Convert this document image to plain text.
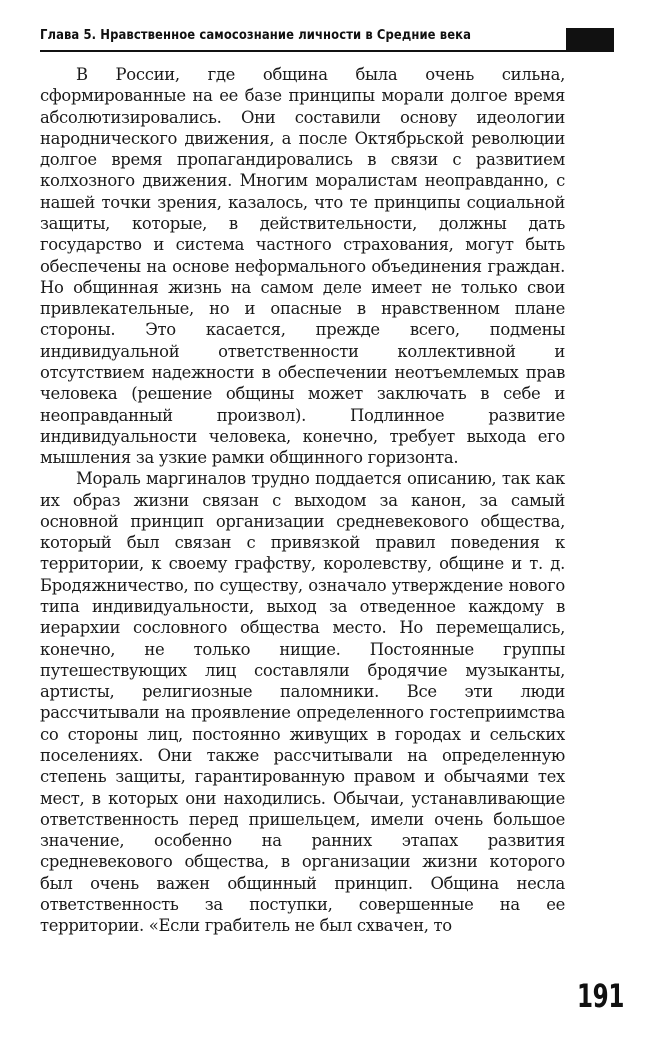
Глава 5. Нравственное самосознание личности в Средние века

В России, где община была очень сильна, сформированные на ее базе принципы морали долгое время абсолютизировались. Они составили основу идеологии народнического движения, а после Октябрьской революции долгое время пропагандировались в связи с развитием колхозного движения. Многим моралистам неоправданно, с нашей точки зрения, казалось, что те принципы социальной защиты, которые, в действительности, должны дать государство и система частного страхования, могут быть обеспечены на основе неформального объединения граждан. Но общинная жизнь на самом деле имеет не только свои привлекательные, но и опасные в нравственном плане стороны. Это касается, прежде всего, подмены индивидуальной ответственности коллективной и отсутствием надежности в обеспечении неотъемлемых прав человека (решение общины может заключать в себе и неоправданный произвол). Подлинное развитие индивидуальности человека, конечно, требует выхода его мышления за узкие рамки общинного горизонта.

Мораль маргиналов трудно поддается описанию, так как их образ жизни связан с выходом за канон, за самый основной принцип организации средневекового общества, который был связан с привязкой правил поведения к территории, к своему графству, королевству, общине и т. д. Бродяжничество, по существу, означало утверждение нового типа индивидуальности, выход за отведенное каждому в иерархии сословного общества место. Но перемещались, конечно, не только нищие. Постоянные группы путешествующих лиц составляли бродячие музыканты, артисты, религиозные паломники. Все эти люди рассчитывали на проявление определенного гостеприимства со стороны лиц, постоянно живущих в городах и сельских поселениях. Они также рассчитывали на определенную степень защиты, гарантированную правом и обычаями тех мест, в которых они находились. Обычаи, устанавливающие ответственность перед пришельцем, имели очень большое значение, особенно на ранних этапах развития средневекового общества, в организации жизни которого был очень важен общинный принцип. Община несла ответственность за поступки, совершенные на ее территории. «Если грабитель не был схвачен, то

191
